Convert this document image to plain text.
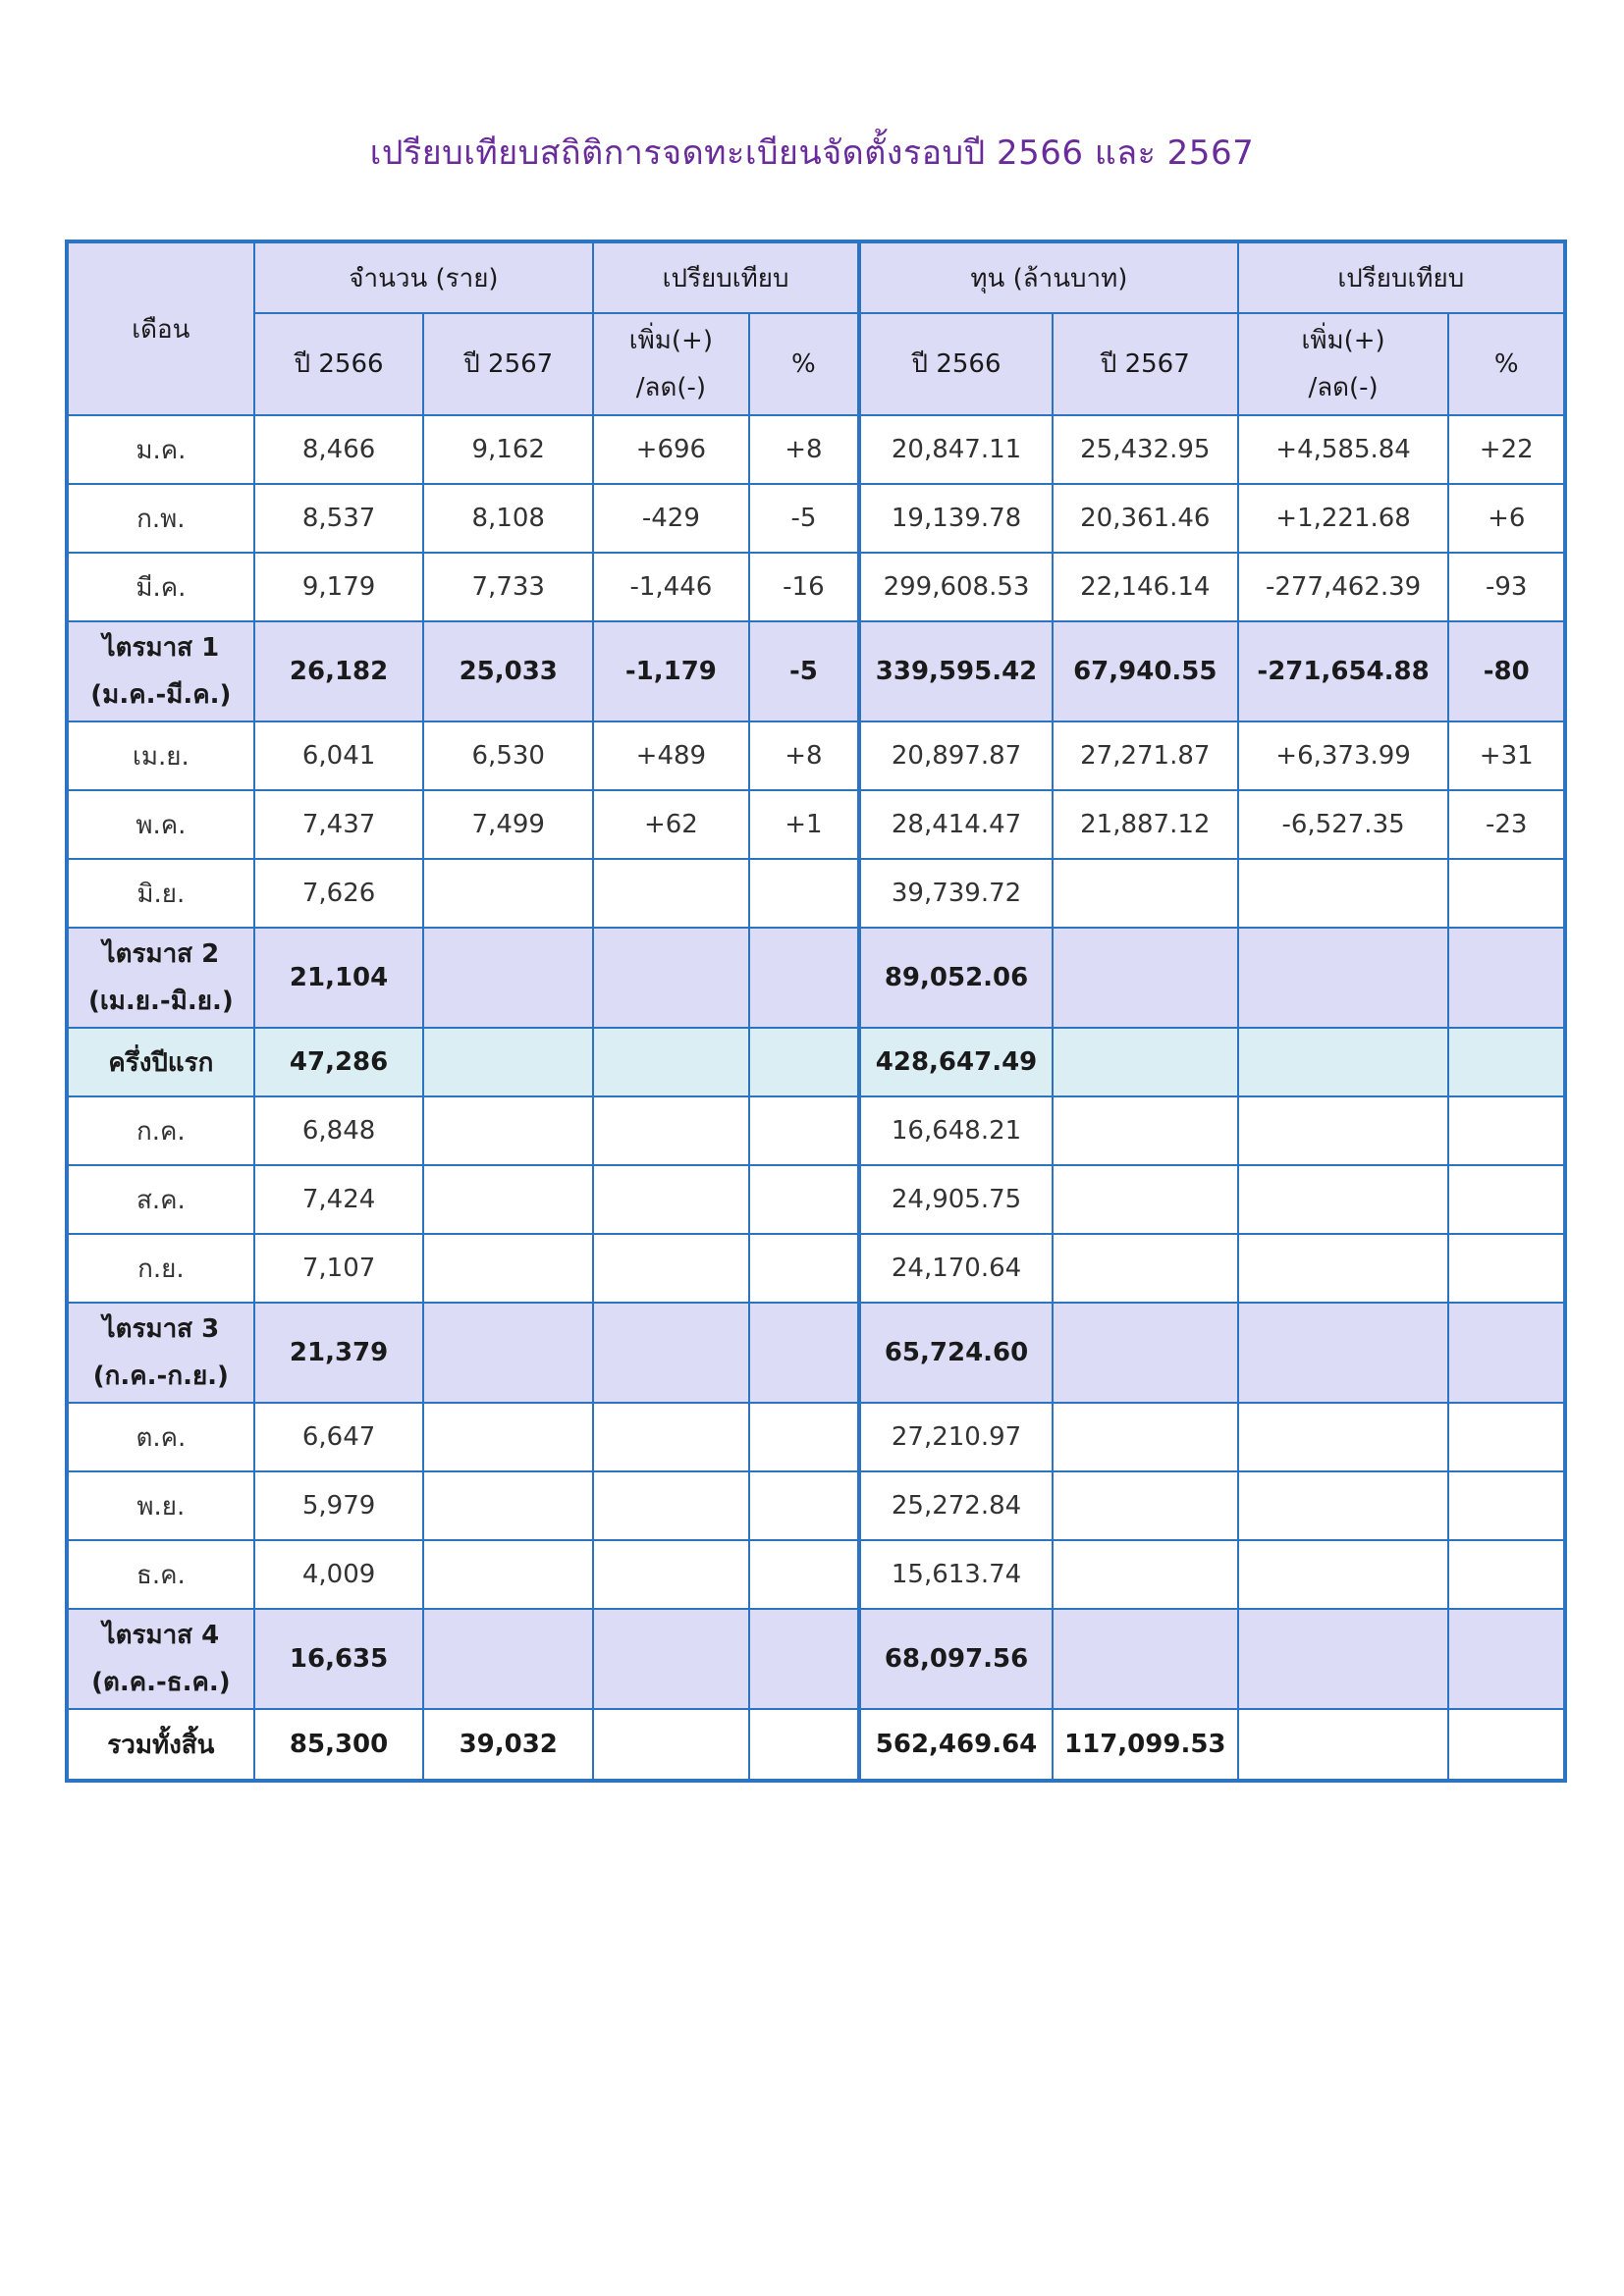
เปรียบเทียบสถิติการจดทะเบียนจัดตั้งรอบปี 2566 และ 2567
เดือน	จำนวน (ราย)		เปรียบเทียบ		ทุน (ล้านบาท)		เปรียบเทียบ	
	ปี 2566	ปี 2567	เพิ่ม(+)
/ลด(-)	%	ปี 2566	ปี 2567	เพิ่ม(+)
/ลด(-)	%
ม.ค.	8,466	9,162	+696	+8	20,847.11	25,432.95	+4,585.84	+22
ก.พ.	8,537	8,108	-429	-5	19,139.78	20,361.46	+1,221.68	+6
มี.ค.	9,179	7,733	-1,446	-16	299,608.53	22,146.14	-277,462.39	-93

ไตรมาส 1
(ม.ค.-มี.ค.)	26,182	25,033	-1,179	-5	339,595.42	67,940.55	-271,654.88	-80
เม.ย.	6,041	6,530	+489	+8	20,897.87	27,271.87	+6,373.99	+31
พ.ค.	7,437	7,499	+62	+1	28,414.47	21,887.12	-6,527.35	-23
มิ.ย.	7,626				39,739.72			

ไตรมาส 2
(เม.ย.-มิ.ย.)	21,104				89,052.06			
ครึ่งปีแรก	47,286				428,647.49			
ก.ค.	6,848				16,648.21			
ส.ค.	7,424				24,905.75			
ก.ย.	7,107				24,170.64			

ไตรมาส 3
(ก.ค.-ก.ย.)	21,379				65,724.60			
ต.ค.	6,647				27,210.97			
พ.ย.	5,979				25,272.84			
ธ.ค.	4,009				15,613.74			

ไตรมาส 4
(ต.ค.-ธ.ค.)	16,635				68,097.56			
รวมทั้งสิ้น	85,300	39,032			562,469.64	117,099.53		
